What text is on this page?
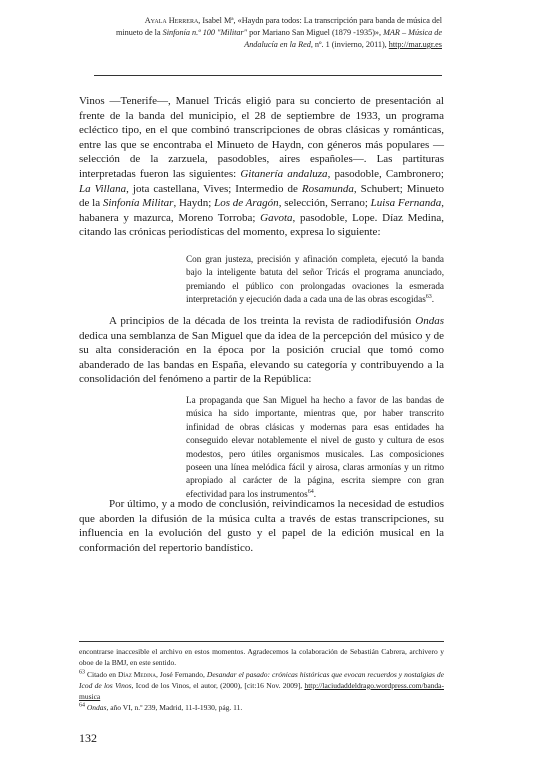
Ayala Herrera, Isabel Mª, «Haydn para todos: La transcripción para banda de música del
minueto de la Sinfonía n.º 100 "Militar" por Mariano San Miguel (1879 -1935)», MAR – Música de
Andalucía en la Red, nº. 1 (invierno, 2011), http://mar.ugr.es
Vinos —Tenerife—, Manuel Tricás eligió para su concierto de presentación al frente de la banda del municipio, el 28 de septiembre de 1933, un programa ecléctico tipo, en el que combinó transcripciones de obras clásicas y románticas, entre las que se encontraba el Minueto de Haydn, con géneros más populares —selección de la zarzuela, pasodobles, aires españoles—. Las partituras interpretadas fueron las siguientes: Gitanería andaluza, pasodoble, Cambronero; La Villana, jota castellana, Vives; Intermedio de Rosamunda, Schubert; Minueto de la Sinfonía Militar, Haydn; Los de Aragón, selección, Serrano; Luisa Fernanda, habanera y mazurca, Moreno Torroba; Gavota, pasodoble, Lope. Díaz Medina, citando las crónicas periodísticas del momento, expresa lo siguiente:
Con gran justeza, precisión y afinación completa, ejecutó la banda bajo la inteligente batuta del señor Tricás el programa anunciado, premiando el público con prolongadas ovaciones la esmerada interpretación y ejecución dada a cada una de las obras escogidas$^{63}$.
A principios de la década de los treinta la revista de radiodifusión Ondas dedica una semblanza de San Miguel que da idea de la percepción del músico y de su alta consideración en la época por la posición crucial que tomó como abanderado de las bandas en España, elevando su categoría y contribuyendo a la consolidación del fenómeno a partir de la República:
La propaganda que San Miguel ha hecho a favor de las bandas de música ha sido importante, mientras que, por haber transcrito infinidad de obras clásicas y modernas para esas entidades ha conseguido elevar notablemente el nivel de gusto y cultura de esos modestos, pero útiles organismos musicales. Las composiciones poseen una línea melódica fácil y airosa, claras armonías y un ritmo apropiado al carácter de la página, escrita siempre con gran efectividad para los instrumentos$^{64}$.
Por último, y a modo de conclusión, reivindicamos la necesidad de estudios que aborden la difusión de la música culta a través de estas transcripciones, su influencia en la evolución del gusto y el papel de la edición musical en la conformación del repertorio bandístico.
encontrarse inaccesible el archivo en estos momentos. Agradecemos la colaboración de Sebastián Cabrera, archivero y oboe de la BMJ, en este sentido.
$^{63}$ Citado en Díaz Medina, José Fernando, Desandar el pasado: crónicas históricas que evocan recuerdos y nostalgias de Icod de los Vinos, Icod de los Vinos, el autor, (2000), [cit:16 Nov. 2009], http://laciudaddeldrago.wordpress.com/banda-musica
$^{64}$ Ondas, año VI, n.º 239, Madrid, 11-I-1930, pág. 11.
132
